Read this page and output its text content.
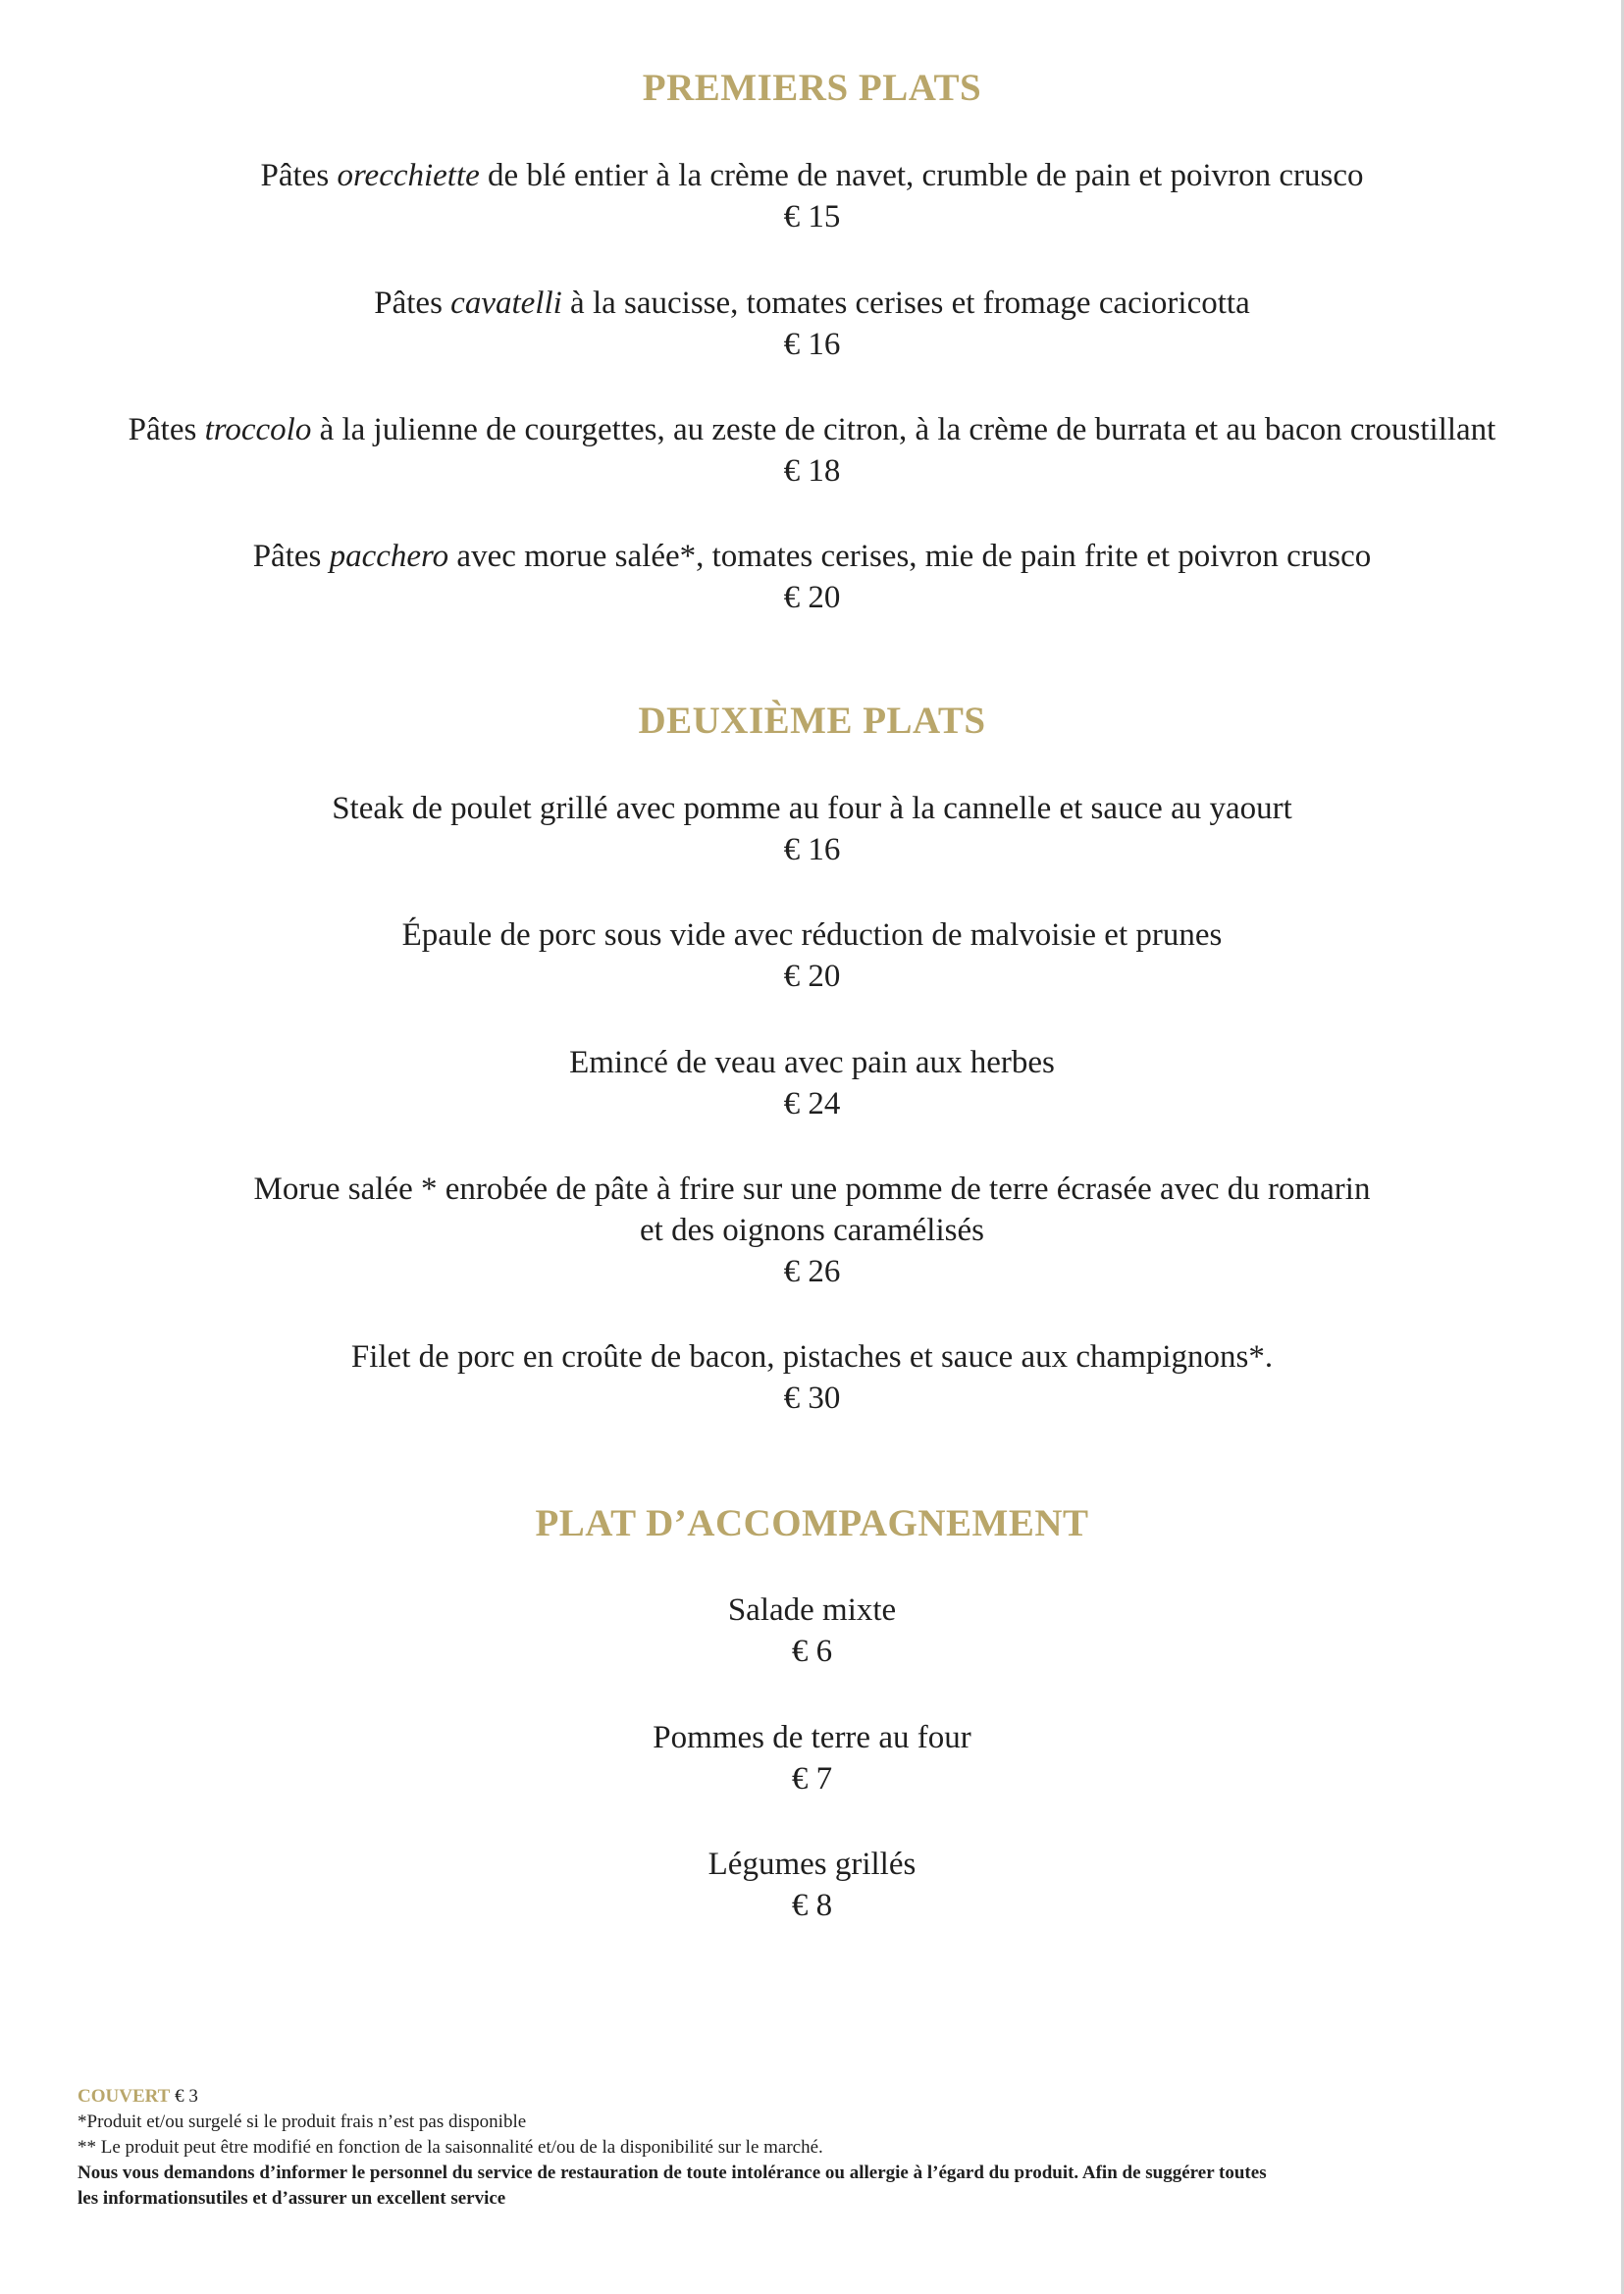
PREMIERS PLATS
Pâtes orecchiette de blé entier à la crème de navet, crumble de pain et poivron crusco
€ 15
Pâtes cavatelli à la saucisse, tomates cerises et fromage cacioricotta
€ 16
Pâtes troccolo à la julienne de courgettes, au zeste de citron, à la crème de burrata et au bacon croustillant
€ 18
Pâtes pacchero avec morue salée*, tomates cerises, mie de pain frite et poivron crusco
€ 20
DEUXIÈME PLATS
Steak de poulet grillé avec pomme au four à la cannelle et sauce au yaourt
€ 16
Épaule de porc sous vide avec réduction de malvoisie et prunes
€ 20
Emincé de veau avec pain aux herbes
€ 24
Morue salée * enrobée de pâte à frire sur une pomme de terre écrasée avec du romarin
et des oignons caramélisés
€ 26
Filet de porc en croûte de bacon, pistaches et sauce aux champignons*.
€ 30
PLAT D’ACCOMPAGNEMENT
Salade mixte
€ 6
Pommes de terre au four
€ 7
Légumes grillés
€ 8
COUVERT € 3
*Produit et/ou surgelé si le produit frais n’est pas disponible
** Le produit peut être modifié en fonction de la saisonnalité et/ou de la disponibilité sur le marché.
Nous vous demandons d’informer le personnel du service de restauration de toute intolérance ou allergie à l’égard du produit. Afin de suggérer toutes
les informationsutiles et d’assurer un excellent service
